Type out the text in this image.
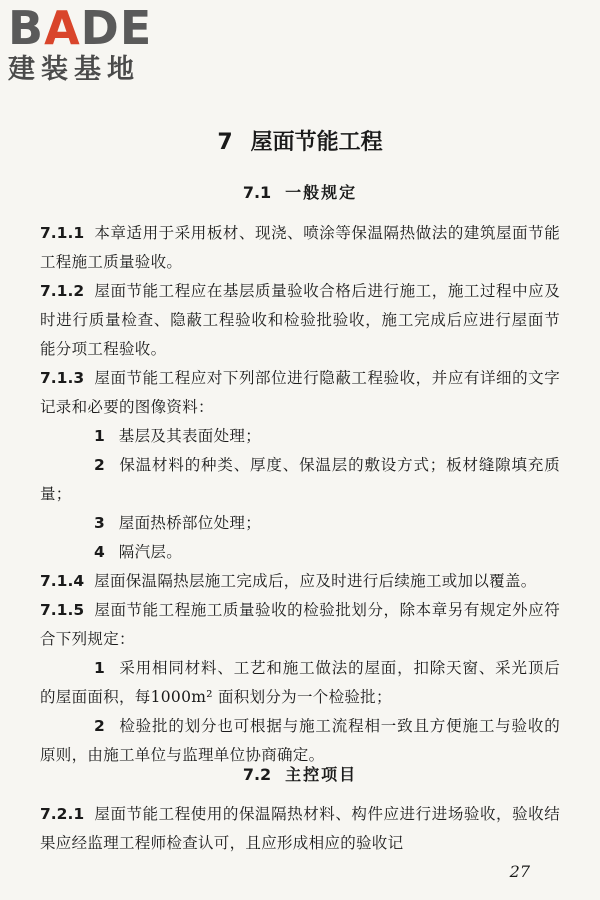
BADE
建装基地
7 屋面节能工程
7.1 一般规定

7.1.1 本章适用于采用板材、现浇、喷涂等保温隔热做法的建筑屋面节能工程施工质量验收。

7.1.2 屋面节能工程应在基层质量验收合格后进行施工，施工过程中应及时进行质量检查、隐蔽工程验收和检验批验收，施工完成后应进行屋面节能分项工程验收。

7.1.3 屋面节能工程应对下列部位进行隐蔽工程验收，并应有详细的文字记录和必要的图像资料：

1 基层及其表面处理；

2 保温材料的种类、厚度、保温层的敷设方式；板材缝隙填充质量；

3 屋面热桥部位处理；

4 隔汽层。

7.1.4 屋面保温隔热层施工完成后，应及时进行后续施工或加以覆盖。

7.1.5 屋面节能工程施工质量验收的检验批划分，除本章另有规定外应符合下列规定：

1 采用相同材料、工艺和施工做法的屋面，扣除天窗、采光顶后的屋面面积，每1000m² 面积划分为一个检验批；

2 检验批的划分也可根据与施工流程相一致且方便施工与验收的原则，由施工单位与监理单位协商确定。

7.2 主控项目

7.2.1 屋面节能工程使用的保温隔热材料、构件应进行进场验收，验收结果应经监理工程师检查认可，且应形成相应的验收记

27
